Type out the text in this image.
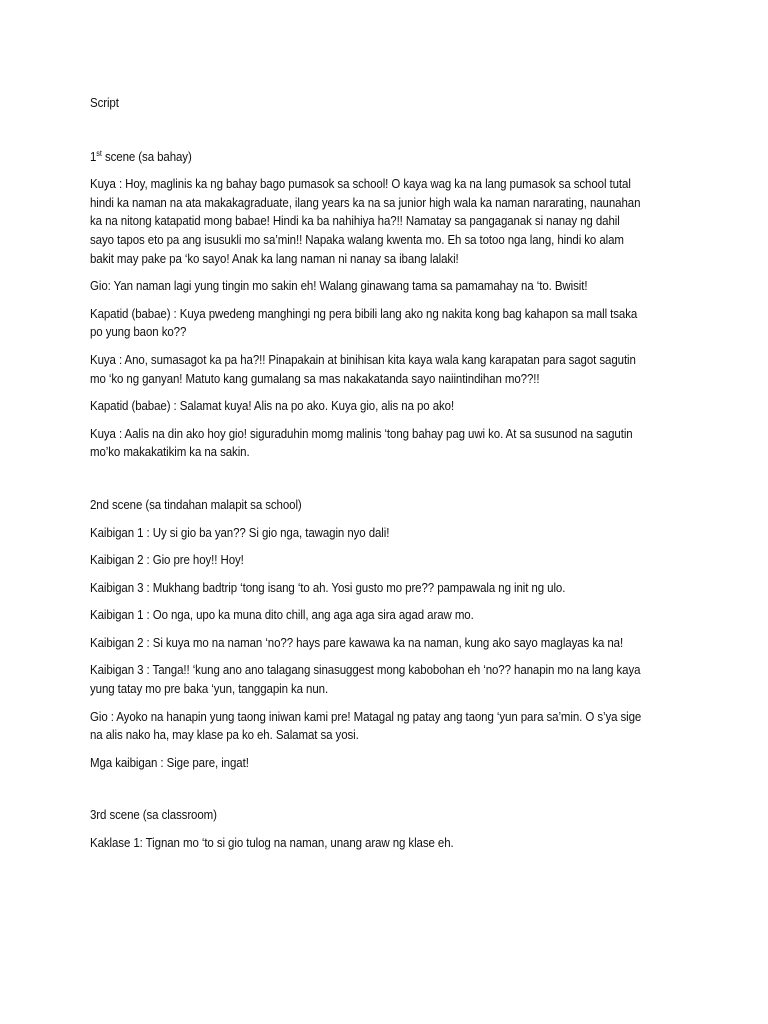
Script

1st scene (sa bahay)

Kuya : Hoy, maglinis ka ng bahay bago pumasok sa school! O kaya wag ka na lang pumasok sa school tutal hindi ka naman na ata makakagraduate, ilang years ka na sa junior high wala ka naman nararating, naunahan ka na nitong katapatid mong babae! Hindi ka ba nahihiya ha?!! Namatay sa pangaganak si nanay ng dahil sayo tapos eto pa ang isusukli mo sa’min!! Napaka walang kwenta mo. Eh sa totoo nga lang, hindi ko alam bakit may pake pa ‘ko sayo! Anak ka lang naman ni nanay sa ibang lalaki!

Gio: Yan naman lagi yung tingin mo sakin eh! Walang ginawang tama sa pamamahay na ‘to. Bwisit!

Kapatid (babae) : Kuya pwedeng manghingi ng pera bibili lang ako ng nakita kong bag kahapon sa mall tsaka po yung baon ko??

Kuya : Ano, sumasagot ka pa ha?!! Pinapakain at binihisan kita kaya wala kang karapatan para sagot sagutin mo ‘ko ng ganyan! Matuto kang gumalang sa mas nakakatanda sayo naiintindihan mo??!!

Kapatid (babae) : Salamat kuya! Alis na po ako. Kuya gio, alis na po ako!

Kuya : Aalis na din ako hoy gio! siguraduhin momg malinis ‘tong bahay pag uwi ko. At sa susunod na sagutin mo’ko makakatikim ka na sakin.

2nd scene (sa tindahan malapit sa school)

Kaibigan 1 : Uy si gio ba yan?? Si gio nga, tawagin nyo dali!

Kaibigan 2 : Gio pre hoy!! Hoy!

Kaibigan 3 : Mukhang badtrip ‘tong isang ‘to ah. Yosi gusto mo pre?? pampawala ng init ng ulo.

Kaibigan 1 : Oo nga, upo ka muna dito chill, ang aga aga sira agad araw mo.

Kaibigan 2 : Si kuya mo na naman ‘no?? hays pare kawawa ka na naman, kung ako sayo maglayas ka na!

Kaibigan 3 : Tanga!! ‘kung ano ano talagang sinasuggest mong kabobohan eh ‘no?? hanapin mo na lang kaya yung tatay mo pre baka ‘yun, tanggapin ka nun.

Gio : Ayoko na hanapin yung taong iniwan kami pre! Matagal ng patay ang taong ‘yun para sa’min. O s’ya sige na alis nako ha, may klase pa ko eh. Salamat sa yosi.

Mga kaibigan : Sige pare, ingat!

3rd scene (sa classroom)

Kaklase 1: Tignan mo ‘to si gio tulog na naman, unang araw ng klase eh.
